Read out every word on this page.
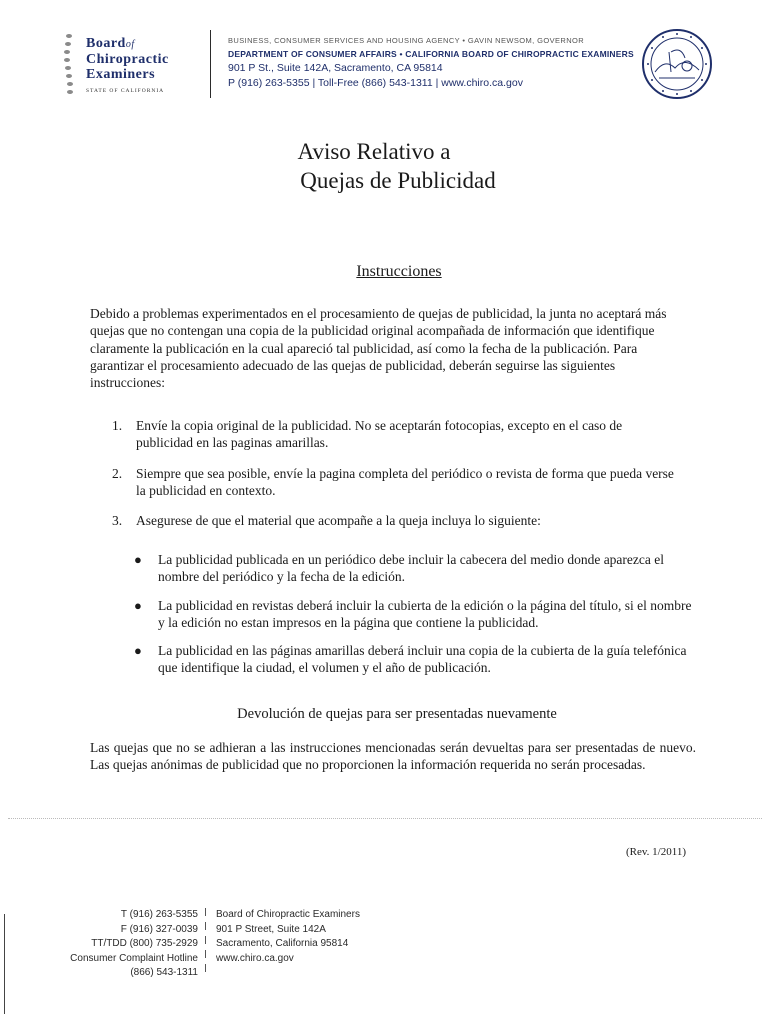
Boardof
Chiropractic
Examiners
STATE OF CALIFORNIA
BUSINESS, CONSUMER SERVICES AND HOUSING AGENCY • GAVIN NEWSOM, GOVERNOR
DEPARTMENT OF CONSUMER AFFAIRS • CALIFORNIA BOARD OF CHIROPRACTIC EXAMINERS
901 P St., Suite 142A, Sacramento, CA 95814
P (916) 263-5355 | Toll-Free (866) 543-1311 | www.chiro.ca.gov
Aviso Relativo a
Quejas de Publicidad
Instrucciones
Debido a problemas experimentados en el procesamiento de quejas de publicidad, la junta no aceptará más quejas que no contengan una copia de la publicidad original acompañada de información que identifique claramente la publicación en la cual apareció tal publicidad, así como la fecha de la publicación. Para garantizar el procesamiento adecuado de las quejas de publicidad, deberán seguirse las siguientes instrucciones:
1. Envíe la copia original de la publicidad. No se aceptarán fotocopias, excepto en el caso de publicidad en las paginas amarillas.
2. Siempre que sea posible, envíe la pagina completa del periódico o revista de forma que pueda verse la publicidad en contexto.
3. Asegurese de que el material que acompañe a la queja incluya lo siguiente:
● La publicidad publicada en un periódico debe incluir la cabecera del medio donde aparezca el nombre del periódico y la fecha de la edición.
● La publicidad en revistas deberá incluir la cubierta de la edición o la página del título, si el nombre y la edición no estan impresos en la página que contiene la publicidad.
● La publicidad en las páginas amarillas deberá incluir una copia de la cubierta de la guía telefónica que identifique la ciudad, el volumen y el año de publicación.
Devolución de quejas para ser presentadas nuevamente
Las quejas que no se adhieran a las instrucciones mencionadas serán devueltas para ser presentadas de nuevo. Las quejas anónimas de publicidad que no proporcionen la información requerida no serán procesadas.
(Rev. 1/2011)
T (916) 263-5355
F (916) 327-0039
TT/TDD (800) 735-2929
Consumer Complaint Hotline
(866) 543-1311
Board of Chiropractic Examiners
901 P Street, Suite 142A
Sacramento, California 95814
www.chiro.ca.gov
